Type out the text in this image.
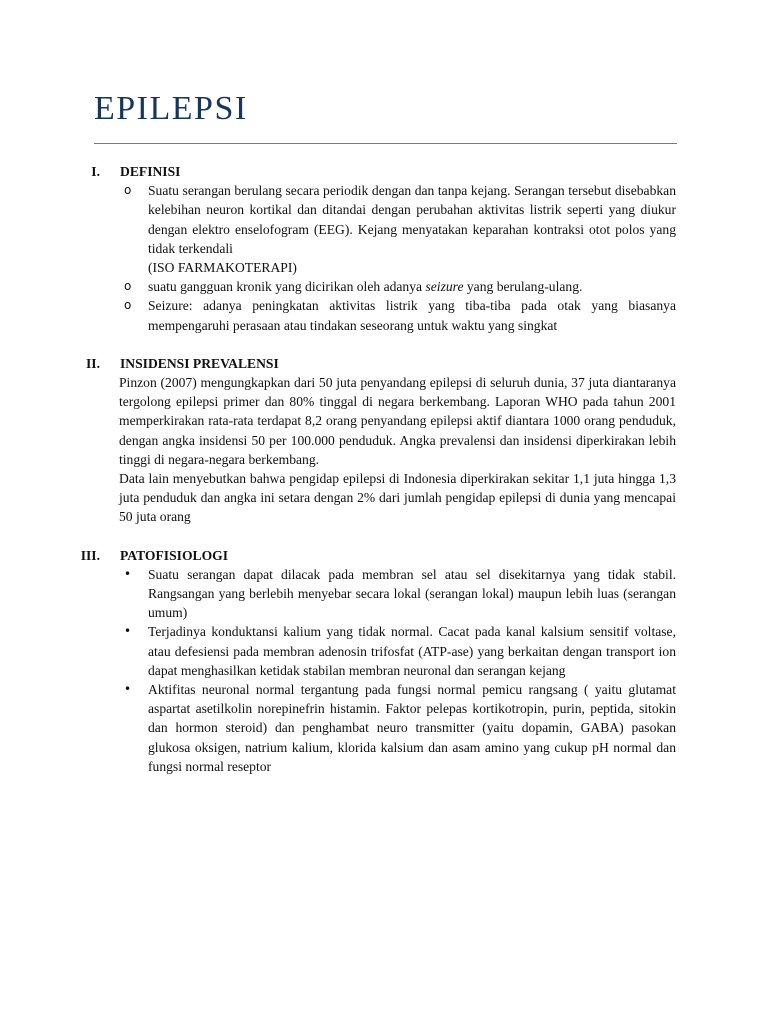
EPILEPSI
I. DEFINISI
o Suatu serangan berulang secara periodik dengan dan tanpa kejang. Serangan tersebut disebabkan kelebihan neuron kortikal dan ditandai dengan perubahan aktivitas listrik seperti yang diukur dengan elektro enselofogram (EEG). Kejang menyatakan keparahan kontraksi otot polos yang tidak terkendali
(ISO FARMAKOTERAPI)
o suatu gangguan kronik yang dicirikan oleh adanya seizure yang berulang-ulang.
o Seizure: adanya peningkatan aktivitas listrik yang tiba-tiba pada otak yang biasanya mempengaruhi perasaan atau tindakan seseorang untuk waktu yang singkat
II. INSIDENSI PREVALENSI

Pinzon (2007) mengungkapkan dari 50 juta penyandang epilepsi di seluruh dunia, 37 juta diantaranya tergolong epilepsi primer dan 80% tinggal di negara berkembang. Laporan WHO pada tahun 2001 memperkirakan rata-rata terdapat 8,2 orang penyandang epilepsi aktif diantara 1000 orang penduduk, dengan angka insidensi 50 per 100.000 penduduk. Angka prevalensi dan insidensi diperkirakan lebih tinggi di negara-negara berkembang.

Data lain menyebutkan bahwa pengidap epilepsi di Indonesia diperkirakan sekitar 1,1 juta hingga 1,3 juta penduduk dan angka ini setara dengan 2% dari jumlah pengidap epilepsi di dunia yang mencapai 50 juta orang

III. PATOFISIOLOGI
• Suatu serangan dapat dilacak pada membran sel atau sel disekitarnya yang tidak stabil. Rangsangan yang berlebih menyebar secara lokal (serangan lokal) maupun lebih luas (serangan umum)
• Terjadinya konduktansi kalium yang tidak normal. Cacat pada kanal kalsium sensitif voltase, atau defesiensi pada membran adenosin trifosfat (ATP-ase) yang berkaitan dengan transport ion dapat menghasilkan ketidak stabilan membran neuronal dan serangan kejang
• Aktifitas neuronal normal tergantung pada fungsi normal pemicu rangsang ( yaitu glutamat aspartat asetilkolin norepinefrin histamin. Faktor pelepas kortikotropin, purin, peptida, sitokin dan hormon steroid) dan penghambat neuro transmitter (yaitu dopamin, GABA) pasokan glukosa oksigen, natrium kalium, klorida kalsium dan asam amino yang cukup pH normal dan fungsi normal reseptor
